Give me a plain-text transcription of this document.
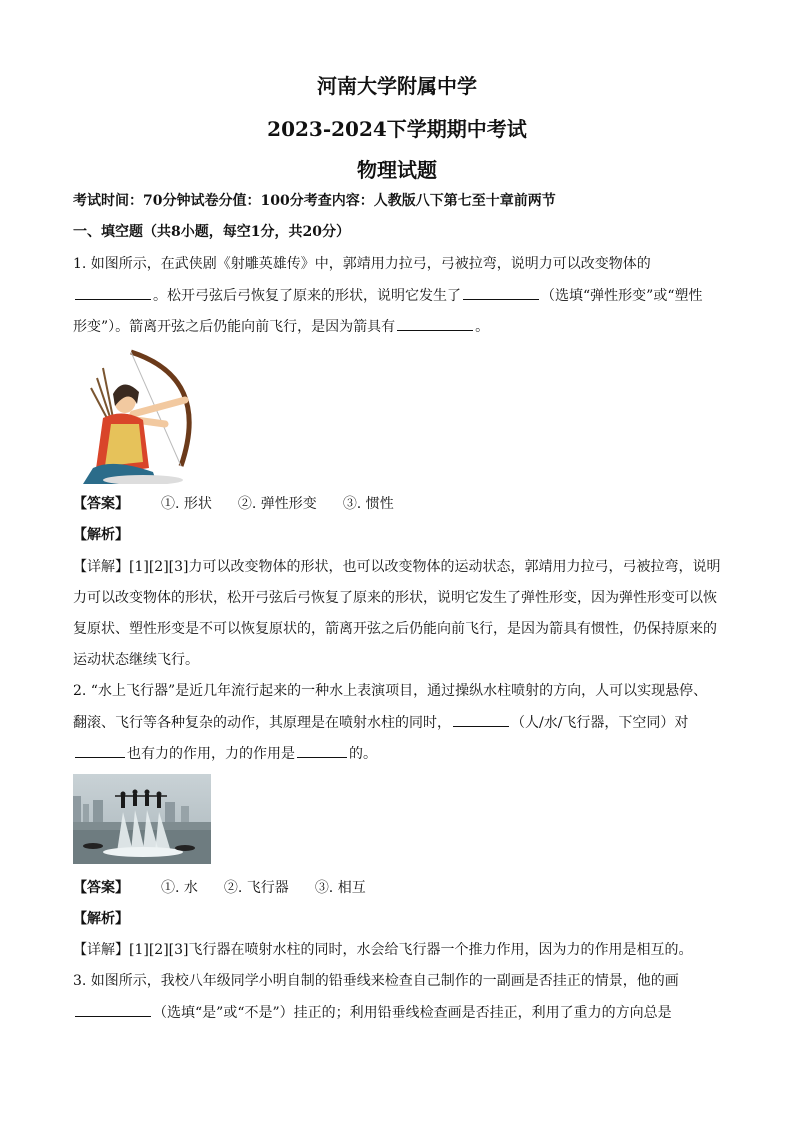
河南大学附属中学
2023-2024下学期期中考试
物理试题
考试时间：70分钟试卷分值：100分考查内容：人教版八下第七至十章前两节
一、填空题（共8小题，每空1分，共20分）
1. 如图所示，在武侠剧《射雕英雄传》中，郭靖用力拉弓，弓被拉弯，说明力可以改变物体的
。松开弓弦后弓恢复了原来的形状，说明它发生了	（选填“弹性形变”或“塑性
形变”）。箭离开弦之后仍能向前飞行，是因为箭具有	。
【答案】 ①. 形状 ②. 弹性形变 ③. 惯性
【解析】
【详解】[1][2][3]力可以改变物体的形状，也可以改变物体的运动状态，郭靖用力拉弓，弓被拉弯，说明
力可以改变物体的形状，松开弓弦后弓恢复了原来的形状，说明它发生了弹性形变，因为弹性形变可以恢
复原状、塑性形变是不可以恢复原状的，箭离开弦之后仍能向前飞行，是因为箭具有惯性，仍保持原来的
运动状态继续飞行。
2. “水上飞行器”是近几年流行起来的一种水上表演项目，通过操纵水柱喷射的方向，人可以实现悬停、
翻滚、飞行等各种复杂的动作，其原理是在喷射水柱的同时，	（人/水/飞行器，下空同）对
也有力的作用，力的作用是	的。
【答案】 ①. 水 ②. 飞行器 ③. 相互
【解析】
【详解】[1][2][3]飞行器在喷射水柱的同时，水会给飞行器一个推力作用，因为力的作用是相互的。
3. 如图所示，我校八年级同学小明自制的铅垂线来检查自己制作的一副画是否挂正的情景，他的画
（选填“是”或“不是”）挂正的；利用铅垂线检查画是否挂正，利用了重力的方向总是
